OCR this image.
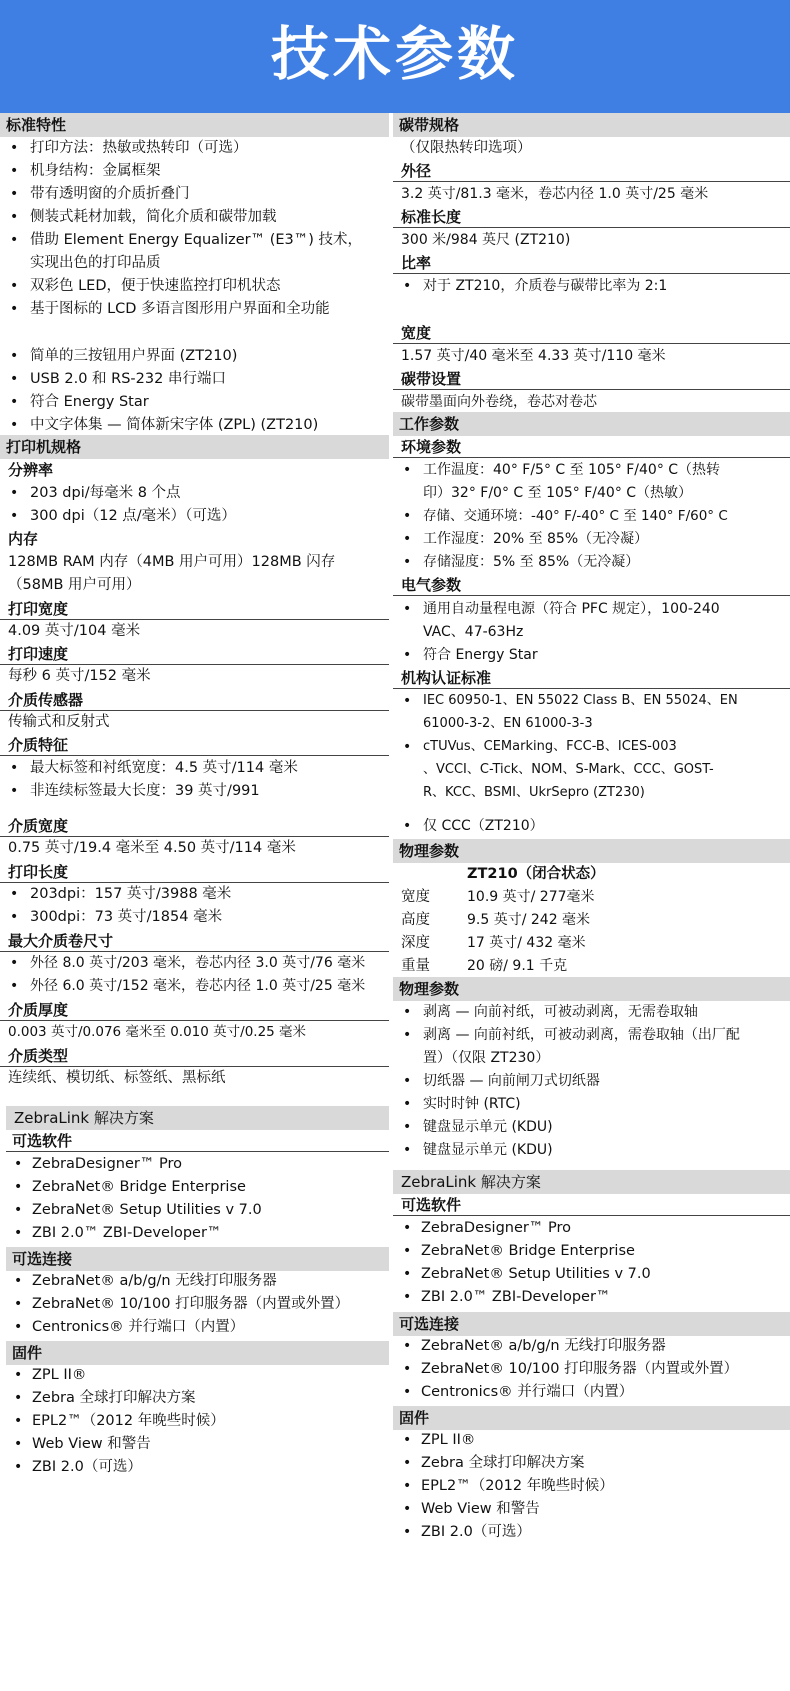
技术参数
标准特性
• 打印方法：热敏或热转印（可选）
• 机身结构：金属框架
• 带有透明窗的介质折叠门
• 侧装式耗材加载，简化介质和碳带加载
• 借助 Element Energy Equalizer™ (E3™) 技术，
实现出色的打印品质
• 双彩色 LED，便于快速监控打印机状态
• 基于图标的 LCD 多语言图形用户界面和全功能
• 简单的三按钮用户界面 (ZT210)
• USB 2.0 和 RS-232 串行端口
• 符合 Energy Star
• 中文字体集 — 简体新宋字体 (ZPL) (ZT210)
打印机规格
分辨率
• 203 dpi/每毫米 8 个点
• 300 dpi（12 点/毫米）（可选）
内存
128MB RAM 内存（4MB 用户可用）128MB 闪存
（58MB 用户可用）
打印宽度
4.09 英寸/104 毫米
打印速度
每秒 6 英寸/152 毫米
介质传感器
传输式和反射式
介质特征
• 最大标签和衬纸宽度：4.5 英寸/114 毫米
• 非连续标签最大长度：39 英寸/991
介质宽度
0.75 英寸/19.4 毫米至 4.50 英寸/114 毫米
打印长度
• 203dpi：157 英寸/3988 毫米
• 300dpi：73 英寸/1854 毫米
最大介质卷尺寸
• 外径 8.0 英寸/203 毫米，卷芯内径 3.0 英寸/76 毫米
• 外径 6.0 英寸/152 毫米，卷芯内径 1.0 英寸/25 毫米
介质厚度
0.003 英寸/0.076 毫米至 0.010 英寸/0.25 毫米
介质类型
连续纸、模切纸、标签纸、黑标纸
ZebraLink 解决方案
可选软件
• ZebraDesigner™ Pro
• ZebraNet® Bridge Enterprise
• ZebraNet® Setup Utilities v 7.0
• ZBI 2.0™ ZBI-Developer™
可选连接
• ZebraNet® a/b/g/n 无线打印服务器
• ZebraNet® 10/100 打印服务器（内置或外置）
• Centronics® 并行端口（内置）
固件
• ZPL II®
• Zebra 全球打印解决方案
• EPL2™（2012 年晚些时候）
• Web View 和警告
• ZBI 2.0（可选）
碳带规格
（仅限热转印选项）
外径
3.2 英寸/81.3 毫米，卷芯内径 1.0 英寸/25 毫米
标准长度
300 米/984 英尺 (ZT210)
比率
• 对于 ZT210，介质卷与碳带比率为 2:1
宽度
1.57 英寸/40 毫米至 4.33 英寸/110 毫米
碳带设置
碳带墨面向外卷绕，卷芯对卷芯
工作参数
环境参数
• 工作温度：40° F/5° C 至 105° F/40° C（热转
印）32° F/0° C 至 105° F/40° C（热敏）
• 存储、交通环境：-40° F/-40° C 至 140° F/60° C
• 工作湿度：20% 至 85%（无冷凝）
• 存储湿度：5% 至 85%（无冷凝）
电气参数
• 通用自动量程电源（符合 PFC 规定），100-240
VAC、47-63Hz
• 符合 Energy Star
机构认证标准
• IEC 60950-1、EN 55022 Class B、EN 55024、EN
61000-3-2、EN 61000-3-3
• cTUVus、CEMarking、FCC-B、ICES-003
、VCCI、C-Tick、NOM、S-Mark、CCC、GOST-
R、KCC、BSMI、UkrSepro (ZT230)
• 仅 CCC（ZT210）
物理参数
ZT210（闭合状态）
宽度	10.9 英寸/ 277毫米
高度	9.5 英寸/ 242 毫米
深度	17 英寸/ 432 毫米
重量	20 磅/ 9.1 千克
物理参数
• 剥离 — 向前衬纸，可被动剥离，无需卷取轴
• 剥离 — 向前衬纸，可被动剥离，需卷取轴（出厂配
置）（仅限 ZT230）
• 切纸器 — 向前闸刀式切纸器
• 实时时钟 (RTC)
• 键盘显示单元 (KDU)
• 键盘显示单元 (KDU)
ZebraLink 解决方案
可选软件
• ZebraDesigner™ Pro
• ZebraNet® Bridge Enterprise
• ZebraNet® Setup Utilities v 7.0
• ZBI 2.0™ ZBI-Developer™
可选连接
• ZebraNet® a/b/g/n 无线打印服务器
• ZebraNet® 10/100 打印服务器（内置或外置）
• Centronics® 并行端口（内置）
固件
• ZPL II®
• Zebra 全球打印解决方案
• EPL2™（2012 年晚些时候）
• Web View 和警告
• ZBI 2.0（可选）
